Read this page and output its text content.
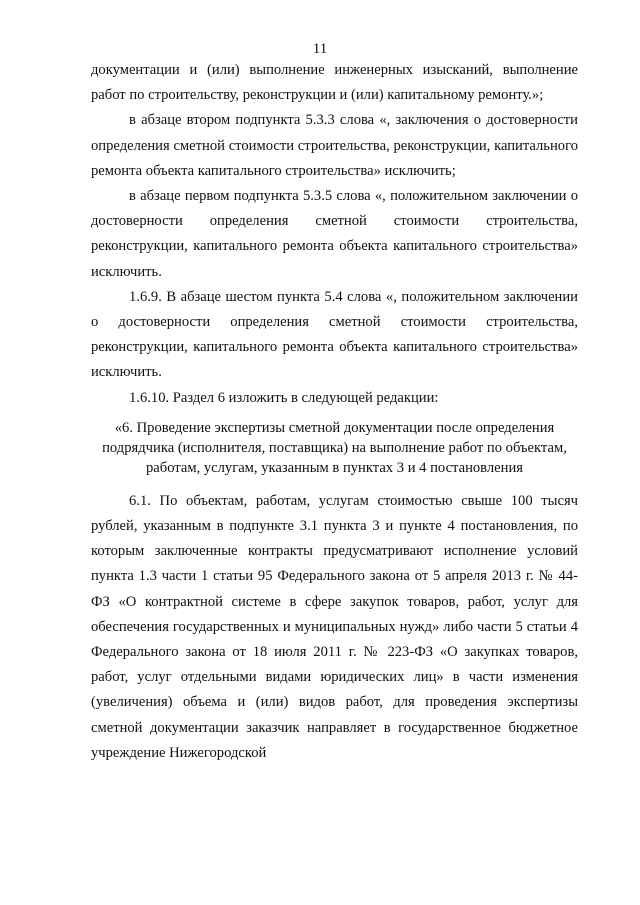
11

документации и (или) выполнение инженерных изысканий, выполнение работ по строительству, реконструкции и (или) капитальному ремонту.»;

в абзаце втором подпункта 5.3.3 слова «, заключения о достоверности определения сметной стоимости строительства, реконструкции, капитального ремонта объекта капитального строительства» исключить;

в абзаце первом подпункта 5.3.5 слова «, положительном заключении о достоверности определения сметной стоимости строительства, реконструкции, капитального ремонта объекта капитального строительства» исключить.

1.6.9. В абзаце шестом пункта 5.4 слова «, положительном заключении о достоверности определения сметной стоимости строительства, реконструкции, капитального ремонта объекта капитального строительства» исключить.

1.6.10. Раздел 6 изложить в следующей редакции:

«6. Проведение экспертизы сметной документации после определения
подрядчика (исполнителя, поставщика) на выполнение работ по объектам,
работам, услугам, указанным в пунктах 3 и 4 постановления

6.1. По объектам, работам, услугам стоимостью свыше 100 тысяч рублей, указанным в подпункте 3.1 пункта 3 и пункте 4 постановления, по которым заключенные контракты предусматривают исполнение условий пункта 1.3 части 1 статьи 95 Федерального закона от 5 апреля 2013 г. № 44-ФЗ «О контрактной системе в сфере закупок товаров, работ, услуг для обеспечения государственных и муниципальных нужд» либо части 5 статьи 4 Федерального закона от 18 июля 2011 г. № 223-ФЗ «О закупках товаров, работ, услуг отдельными видами юридических лиц» в части изменения (увеличения) объема и (или) видов работ, для проведения экспертизы сметной документации заказчик направляет в государственное бюджетное учреждение Нижегородской
